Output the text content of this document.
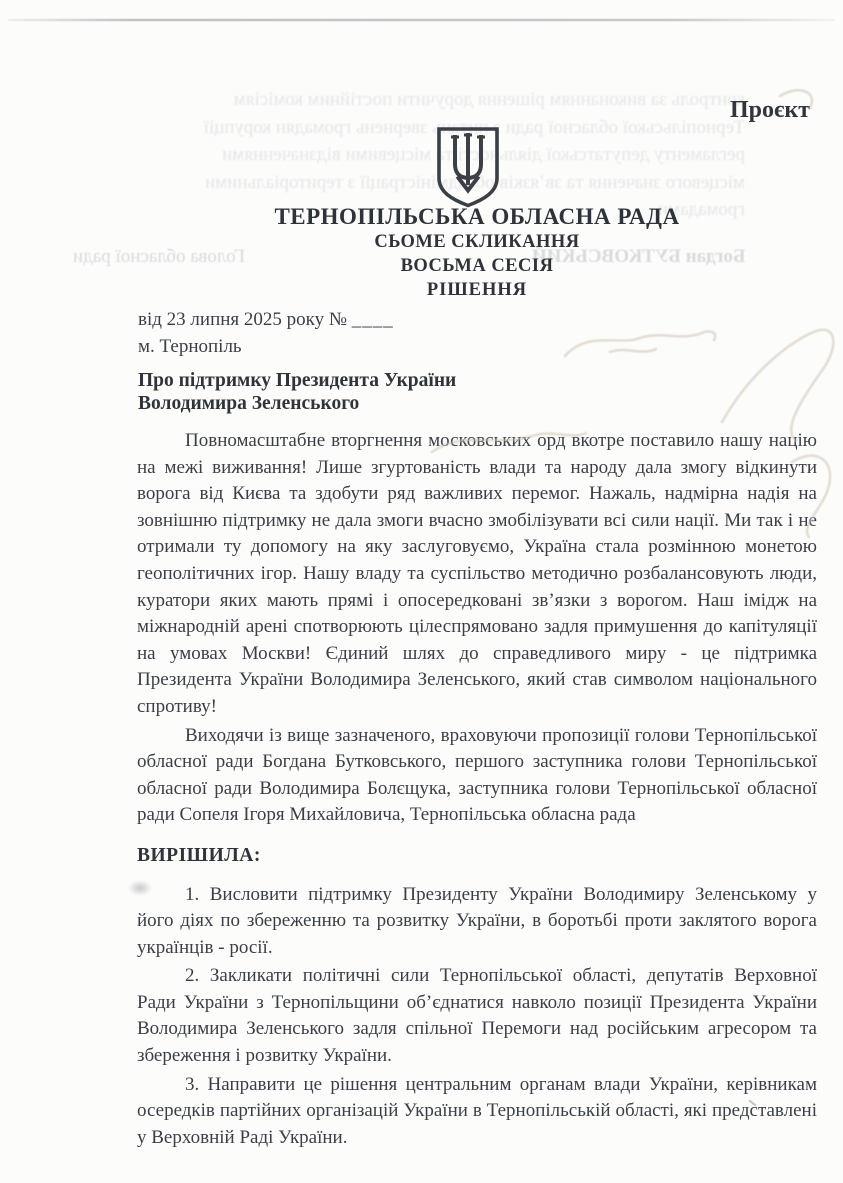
контроль за виконанням рішення доручити постійним комісіям
Тернопільської обласної ради з питань звернень громадян корупції
регламенту депутатської діяльності та місцевими відзначеннями
місцевого значення та зв’язків обладміністрації з територіальними
громадами
Голова обласної ради	Богдан БУТКОВСЬКИЙ
Проєкт
ТЕРНОПІЛЬСЬКА ОБЛАСНА РАДА
СЬОМЕ СКЛИКАННЯ
ВОСЬМА СЕСІЯ
РІШЕННЯ
від 23 липня 2025 року № ____
м. Тернопіль
Про підтримку Президента України
Володимира Зеленського

Повномасштабне вторгнення московських орд вкотре поставило нашу націю на межі виживання! Лише згуртованість влади та народу дала змогу відкинути ворога від Києва та здобути ряд важливих перемог. Нажаль, надмірна надія на зовнішню підтримку не дала змоги вчасно змобілізувати всі сили нації. Ми так і не отримали ту допомогу на яку заслуговуємо, Україна стала розмінною монетою геополітичних ігор. Нашу владу та суспільство методично розбалансовують люди, куратори яких мають прямі і опосередковані зв’язки з ворогом. Наш імідж на міжнародній арені спотворюють цілеспрямовано задля примушення до капітуляції на умовах Москви! Єдиний шлях до справедливого миру - це підтримка Президента України Володимира Зеленського, який став символом національного спротиву!

Виходячи із вище зазначеного, враховуючи пропозиції голови Тернопільської обласної ради Богдана Бутковського, першого заступника голови Тернопільської обласної ради Володимира Болєщука, заступника голови Тернопільської обласної ради Сопеля Ігоря Михайловича, Тернопільська обласна рада

ВИРІШИЛА:

1. Висловити підтримку Президенту України Володимиру Зеленському у його діях по збереженню та розвитку України, в боротьбі проти заклятого ворога українців - росії.

2. Закликати політичні сили Тернопільської області, депутатів Верховної Ради України з Тернопільщини об’єднатися навколо позиції Президента України Володимира Зеленського задля спільної Перемоги над російським агресором та збереження і розвитку України.

3. Направити це рішення центральним органам влади України, керівникам осередків партійних організацій України в Тернопільській області, які представлені у Верховній Раді України.
